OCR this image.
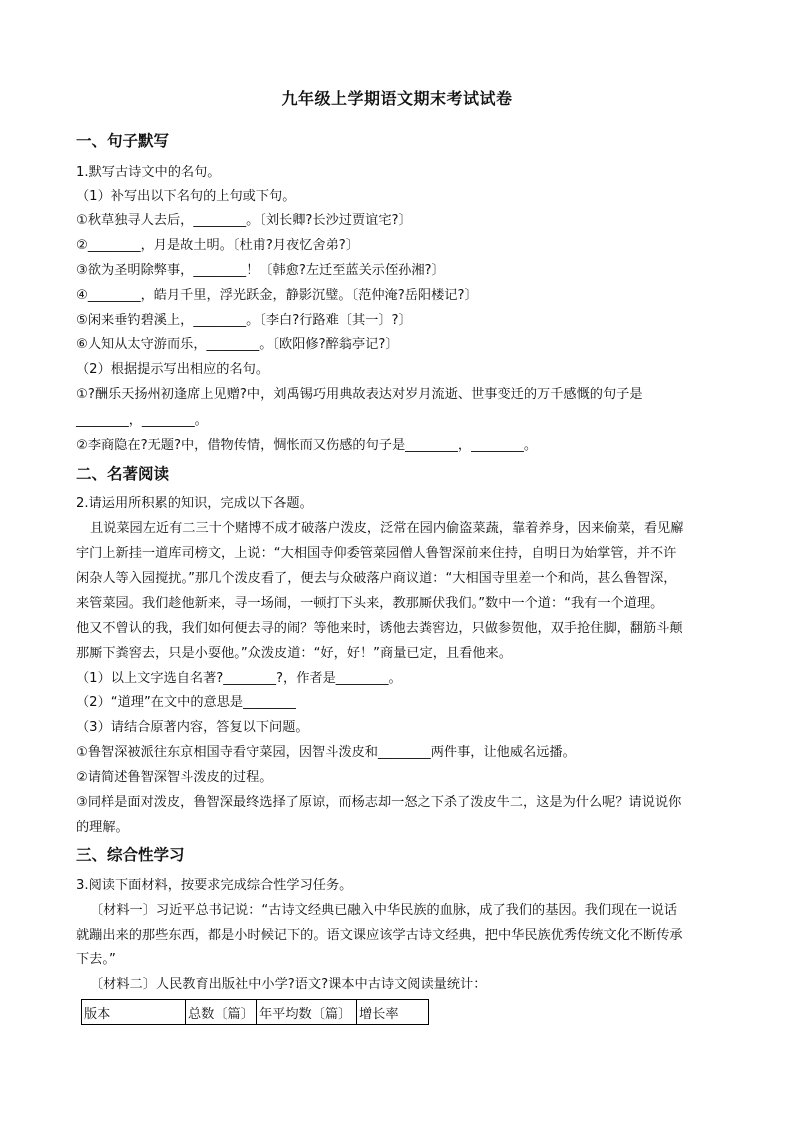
九年级上学期语文期末考试试卷
一、句子默写
1.默写古诗文中的名句。
（1）补写出以下名句的上句或下句。
①秋草独寻人去后，________。〔刘长卿?长沙过贾谊宅?〕
②________，月是故土明。〔杜甫?月夜忆舍弟?〕
③欲为圣明除弊事，________！〔韩愈?左迁至蓝关示侄孙湘?〕
④________，皓月千里，浮光跃金，静影沉璧。〔范仲淹?岳阳楼记?〕
⑤闲来垂钓碧溪上，________。〔李白?行路难〔其一〕?〕
⑥人知从太守游而乐，________。〔欧阳修?醉翁亭记?〕
（2）根据提示写出相应的名句。
①?酬乐天扬州初逢席上见赠?中，刘禹锡巧用典故表达对岁月流逝、世事变迁的万千感慨的句子是
________，________。
②李商隐在?无题?中，借物传情，惆怅而又伤感的句子是________，________。
二、名著阅读
2.请运用所积累的知识，完成以下各题。
且说菜园左近有二三十个赌博不成才破落户泼皮，泛常在园内偷盗菜蔬，靠着养身，因来偷菜，看见廨
宇门上新挂一道库司榜文，上说：“大相国寺仰委管菜园僧人鲁智深前来住持，自明日为始掌管，并不许
闲杂人等入园搅扰。”那几个泼皮看了，便去与众破落户商议道：“大相国寺里差一个和尚，甚么鲁智深，
来管菜园。我们趁他新来，寻一场闹，一顿打下头来，教那厮伏我们。”数中一个道：“我有一个道理。
他又不曾认的我，我们如何便去寻的闹？等他来时，诱他去粪窖边，只做参贺他，双手抢住脚，翻筋斗颠
那厮下粪窖去，只是小耍他。”众泼皮道：“好，好！”商量已定，且看他来。
（1）以上文字选自名著?________?，作者是________。
（2）“道理”在文中的意思是________
（3）请结合原著内容，答复以下问题。
①鲁智深被派往东京相国寺看守菜园，因智斗泼皮和________两件事，让他威名远播。
②请简述鲁智深智斗泼皮的过程。
③同样是面对泼皮，鲁智深最终选择了原谅，而杨志却一怒之下杀了泼皮牛二，这是为什么呢？请说说你
的理解。
三、综合性学习
3.阅读下面材料，按要求完成综合性学习任务。
〔材料一〕习近平总书记说：“古诗文经典已融入中华民族的血脉，成了我们的基因。我们现在一说话
就蹦出来的那些东西，都是小时候记下的。语文课应该学古诗文经典，把中华民族优秀传统文化不断传承
下去。”
〔材料二〕人民教育出版社中小学?语文?课本中古诗文阅读量统计：
版本	总数〔篇〕	年平均数〔篇〕	增长率
